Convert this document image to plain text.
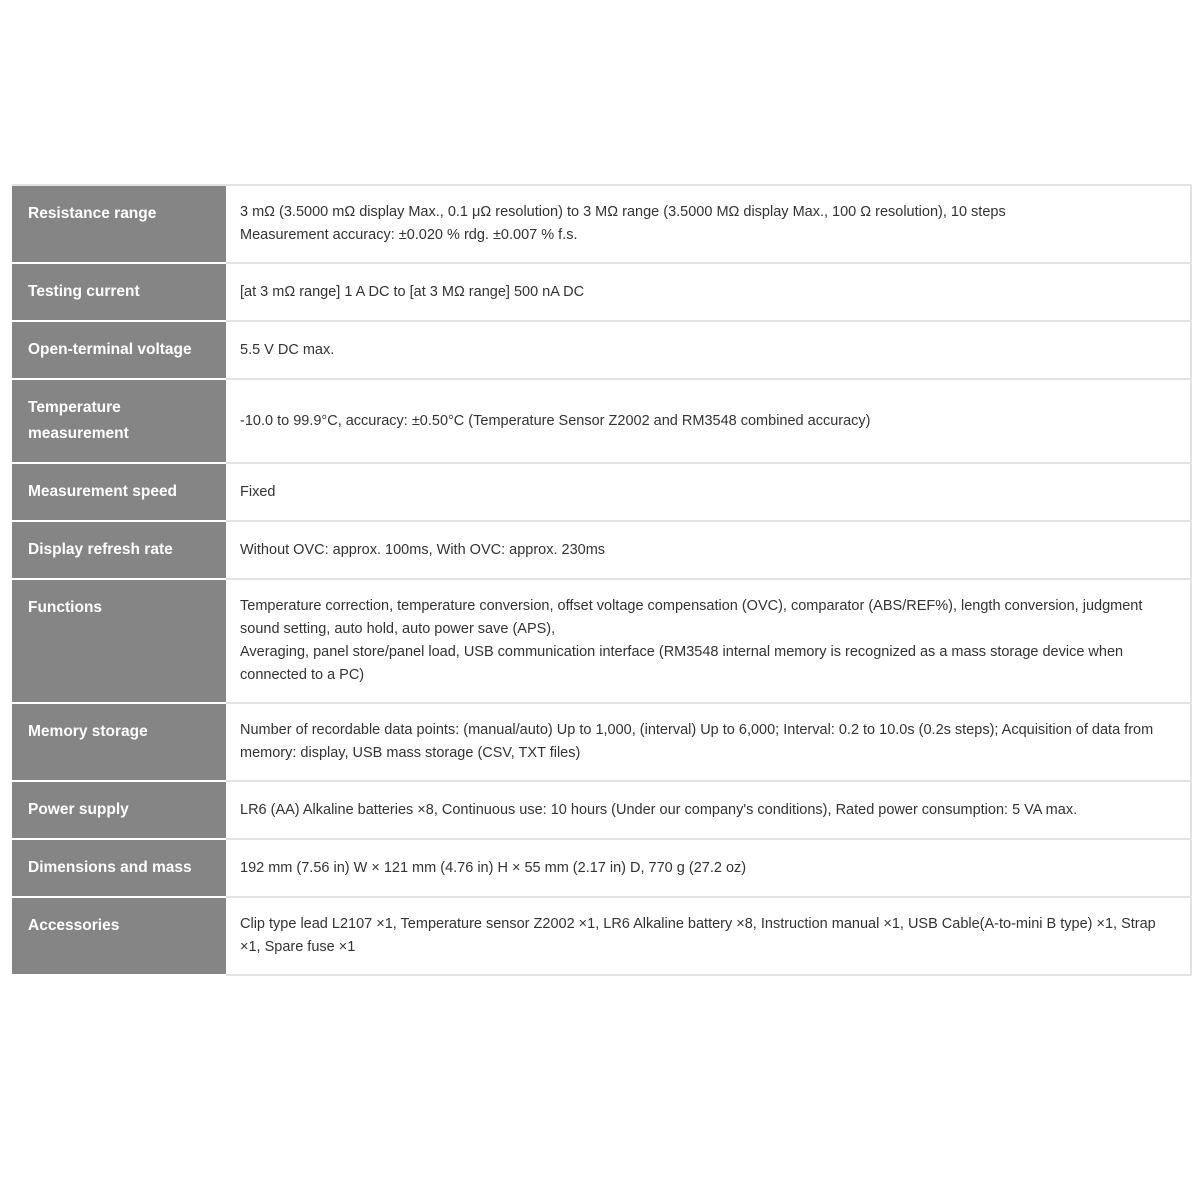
Resistance range	3 mΩ (3.5000 mΩ display Max., 0.1 μΩ resolution) to 3 MΩ range (3.5000 MΩ display Max., 100 Ω resolution), 10 steps
Measurement accuracy: ±0.020 % rdg. ±0.007 % f.s.

Testing current	[at 3 mΩ range] 1 A DC to [at 3 MΩ range] 500 nA DC

Open-terminal voltage	5.5 V DC max.

Temperature measurement	-10.0 to 99.9°C, accuracy: ±0.50°C (Temperature Sensor Z2002 and RM3548 combined accuracy)

Measurement speed	Fixed

Display refresh rate	Without OVC: approx. 100ms, With OVC: approx. 230ms

Functions	Temperature correction, temperature conversion, offset voltage compensation (OVC), comparator (ABS/REF%), length conversion, judgment sound setting, auto hold, auto power save (APS),
Averaging, panel store/panel load, USB communication interface (RM3548 internal memory is recognized as a mass storage device when connected to a PC)

Memory storage	Number of recordable data points: (manual/auto) Up to 1,000, (interval) Up to 6,000; Interval: 0.2 to 10.0s (0.2s steps); Acquisition of data from memory: display, USB mass storage (CSV, TXT files)

Power supply	LR6 (AA) Alkaline batteries ×8, Continuous use: 10 hours (Under our company's conditions), Rated power consumption: 5 VA max.

Dimensions and mass	192 mm (7.56 in) W × 121 mm (4.76 in) H × 55 mm (2.17 in) D, 770 g (27.2 oz)

Accessories	Clip type lead L2107 ×1, Temperature sensor Z2002 ×1, LR6 Alkaline battery ×8, Instruction manual ×1, USB Cable(A-to-mini B type) ×1, Strap ×1, Spare fuse ×1
